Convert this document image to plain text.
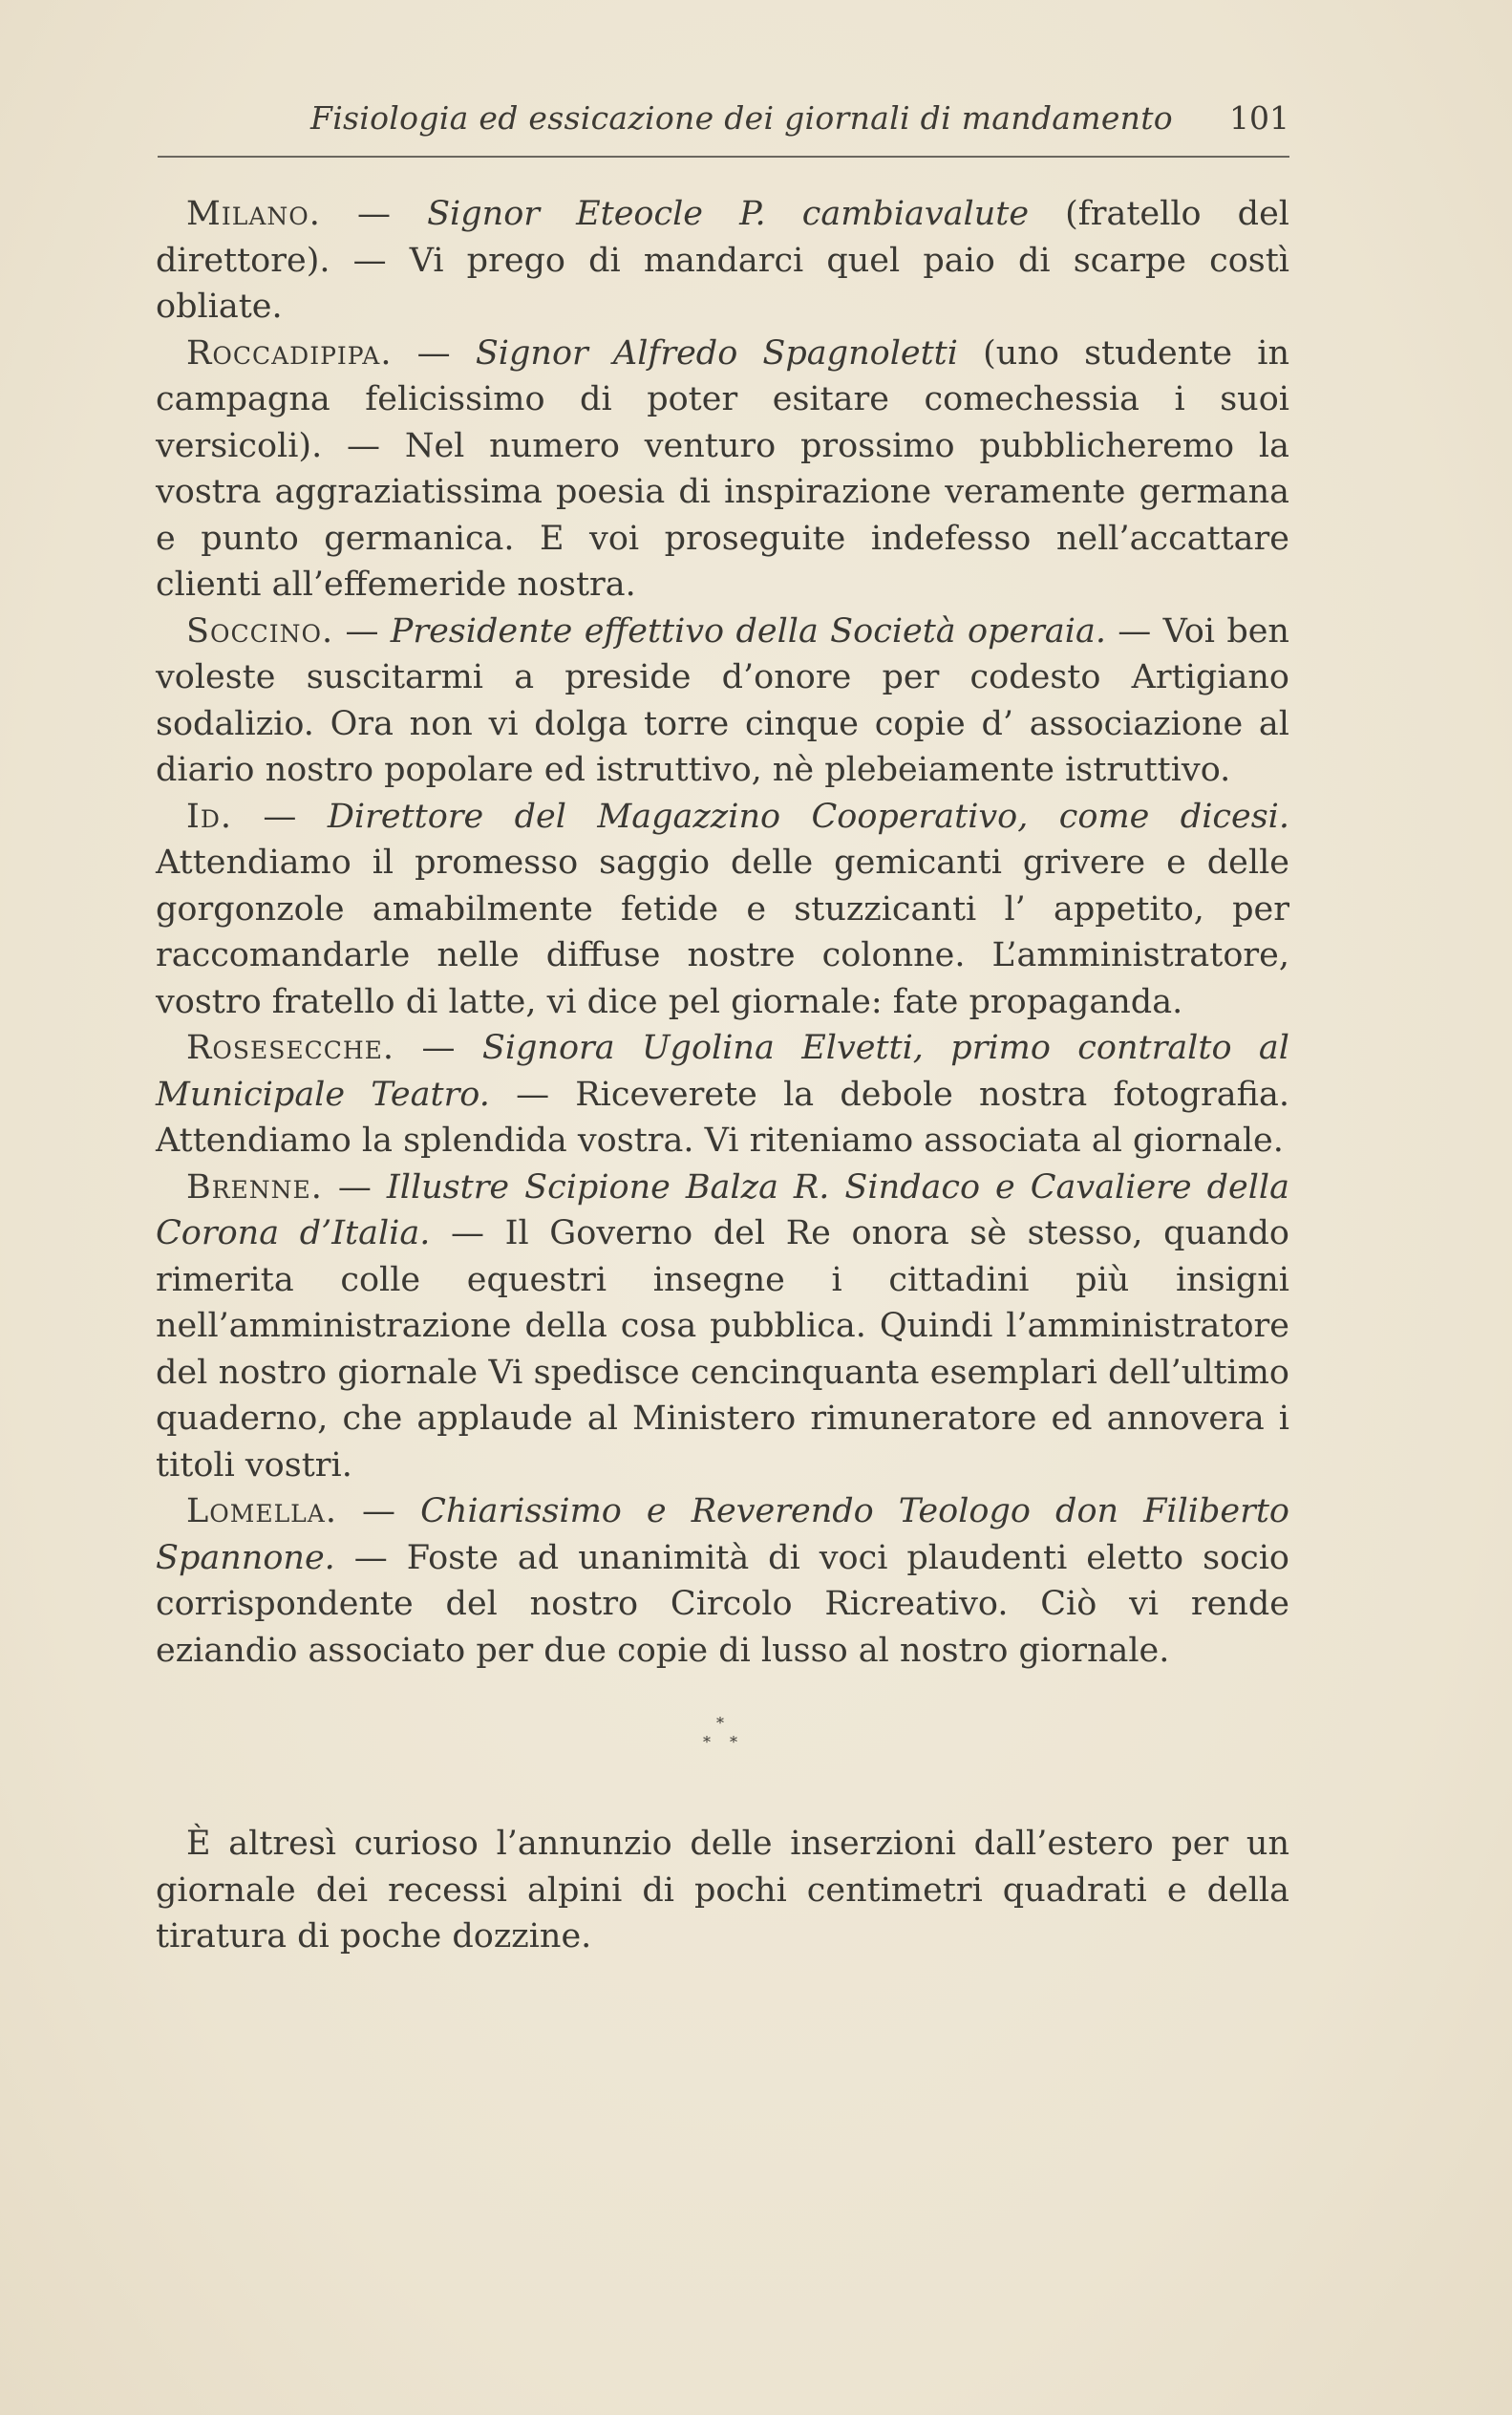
Fisiologia ed essicazione dei giornali di mandamento 101

Milano. — Signor Eteocle P. cambiavalute (fratello del direttore). — Vi prego di mandarci quel paio di scarpe costì obliate.

Roccadipipa. — Signor Alfredo Spagnoletti (uno studente in campagna felicissimo di poter esitare comechessia i suoi versicoli). — Nel numero venturo prossimo pubblicheremo la vostra aggraziatissima poesia di inspirazione veramente germana e punto germanica. E voi proseguite indefesso nell’accattare clienti all’effemeride nostra.

Soccino. — Presidente effettivo della Società operaia. — Voi ben voleste suscitarmi a preside d’onore per codesto Artigiano sodalizio. Ora non vi dolga torre cinque copie d’ associazione al diario nostro popolare ed istruttivo, nè plebeiamente istruttivo.

Id. — Direttore del Magazzino Cooperativo, come dicesi. Attendiamo il promesso saggio delle gemicanti grivere e delle gorgonzole amabilmente fetide e stuzzicanti l’ appetito, per raccomandarle nelle diffuse nostre colonne. L’amministratore, vostro fratello di latte, vi dice pel giornale: fate propaganda.

Rosesecche. — Signora Ugolina Elvetti, primo contralto al Municipale Teatro. — Riceverete la debole nostra fotografia. Attendiamo la splendida vostra. Vi riteniamo associata al giornale.

Brenne. — Illustre Scipione Balza R. Sindaco e Cavaliere della Corona d’Italia. — Il Governo del Re onora sè stesso, quando rimerita colle equestri insegne i cittadini più insigni nell’amministrazione della cosa pubblica. Quindi l’amministratore del nostro giornale Vi spedisce cencinquanta esemplari dell’ultimo quaderno, che applaude al Ministero rimuneratore ed annovera i titoli vostri.

Lomella. — Chiarissimo e Reverendo Teologo don Filiberto Spannone. — Foste ad unanimità di voci plaudenti eletto socio corrispondente del nostro Circolo Ricreativo. Ciò vi rende eziandio associato per due copie di lusso al nostro giornale.

*
* *

È altresì curioso l’annunzio delle inserzioni dall’estero per un giornale dei recessi alpini di pochi centimetri quadrati e della tiratura di poche dozzine.
